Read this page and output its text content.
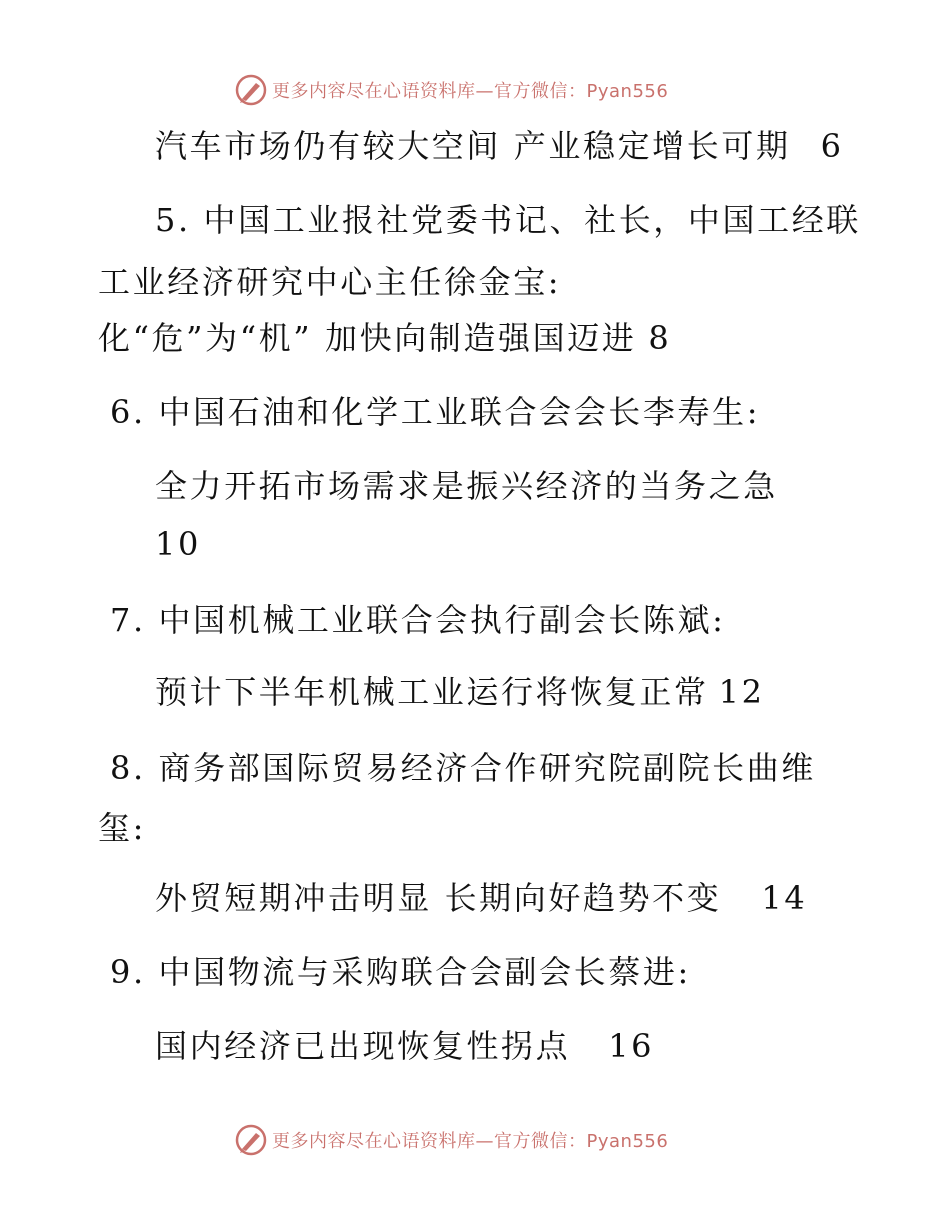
更多内容尽在心语资料库—官方微信：Pyan556
汽车市场仍有较大空间 产业稳定增长可期 6
5. 中国工业报社党委书记、社长，中国工经联
工业经济研究中心主任徐金宝:
化“危”为“机” 加快向制造强国迈进 8
6. 中国石油和化学工业联合会会长李寿生:
全力开拓市场需求是振兴经济的当务之急
10
7. 中国机械工业联合会执行副会长陈斌:
预计下半年机械工业运行将恢复正常 12
8. 商务部国际贸易经济合作研究院副院长曲维
玺:
外贸短期冲击明显 长期向好趋势不变 14
9. 中国物流与采购联合会副会长蔡进:
国内经济已出现恢复性拐点 16
更多内容尽在心语资料库—官方微信：Pyan556
